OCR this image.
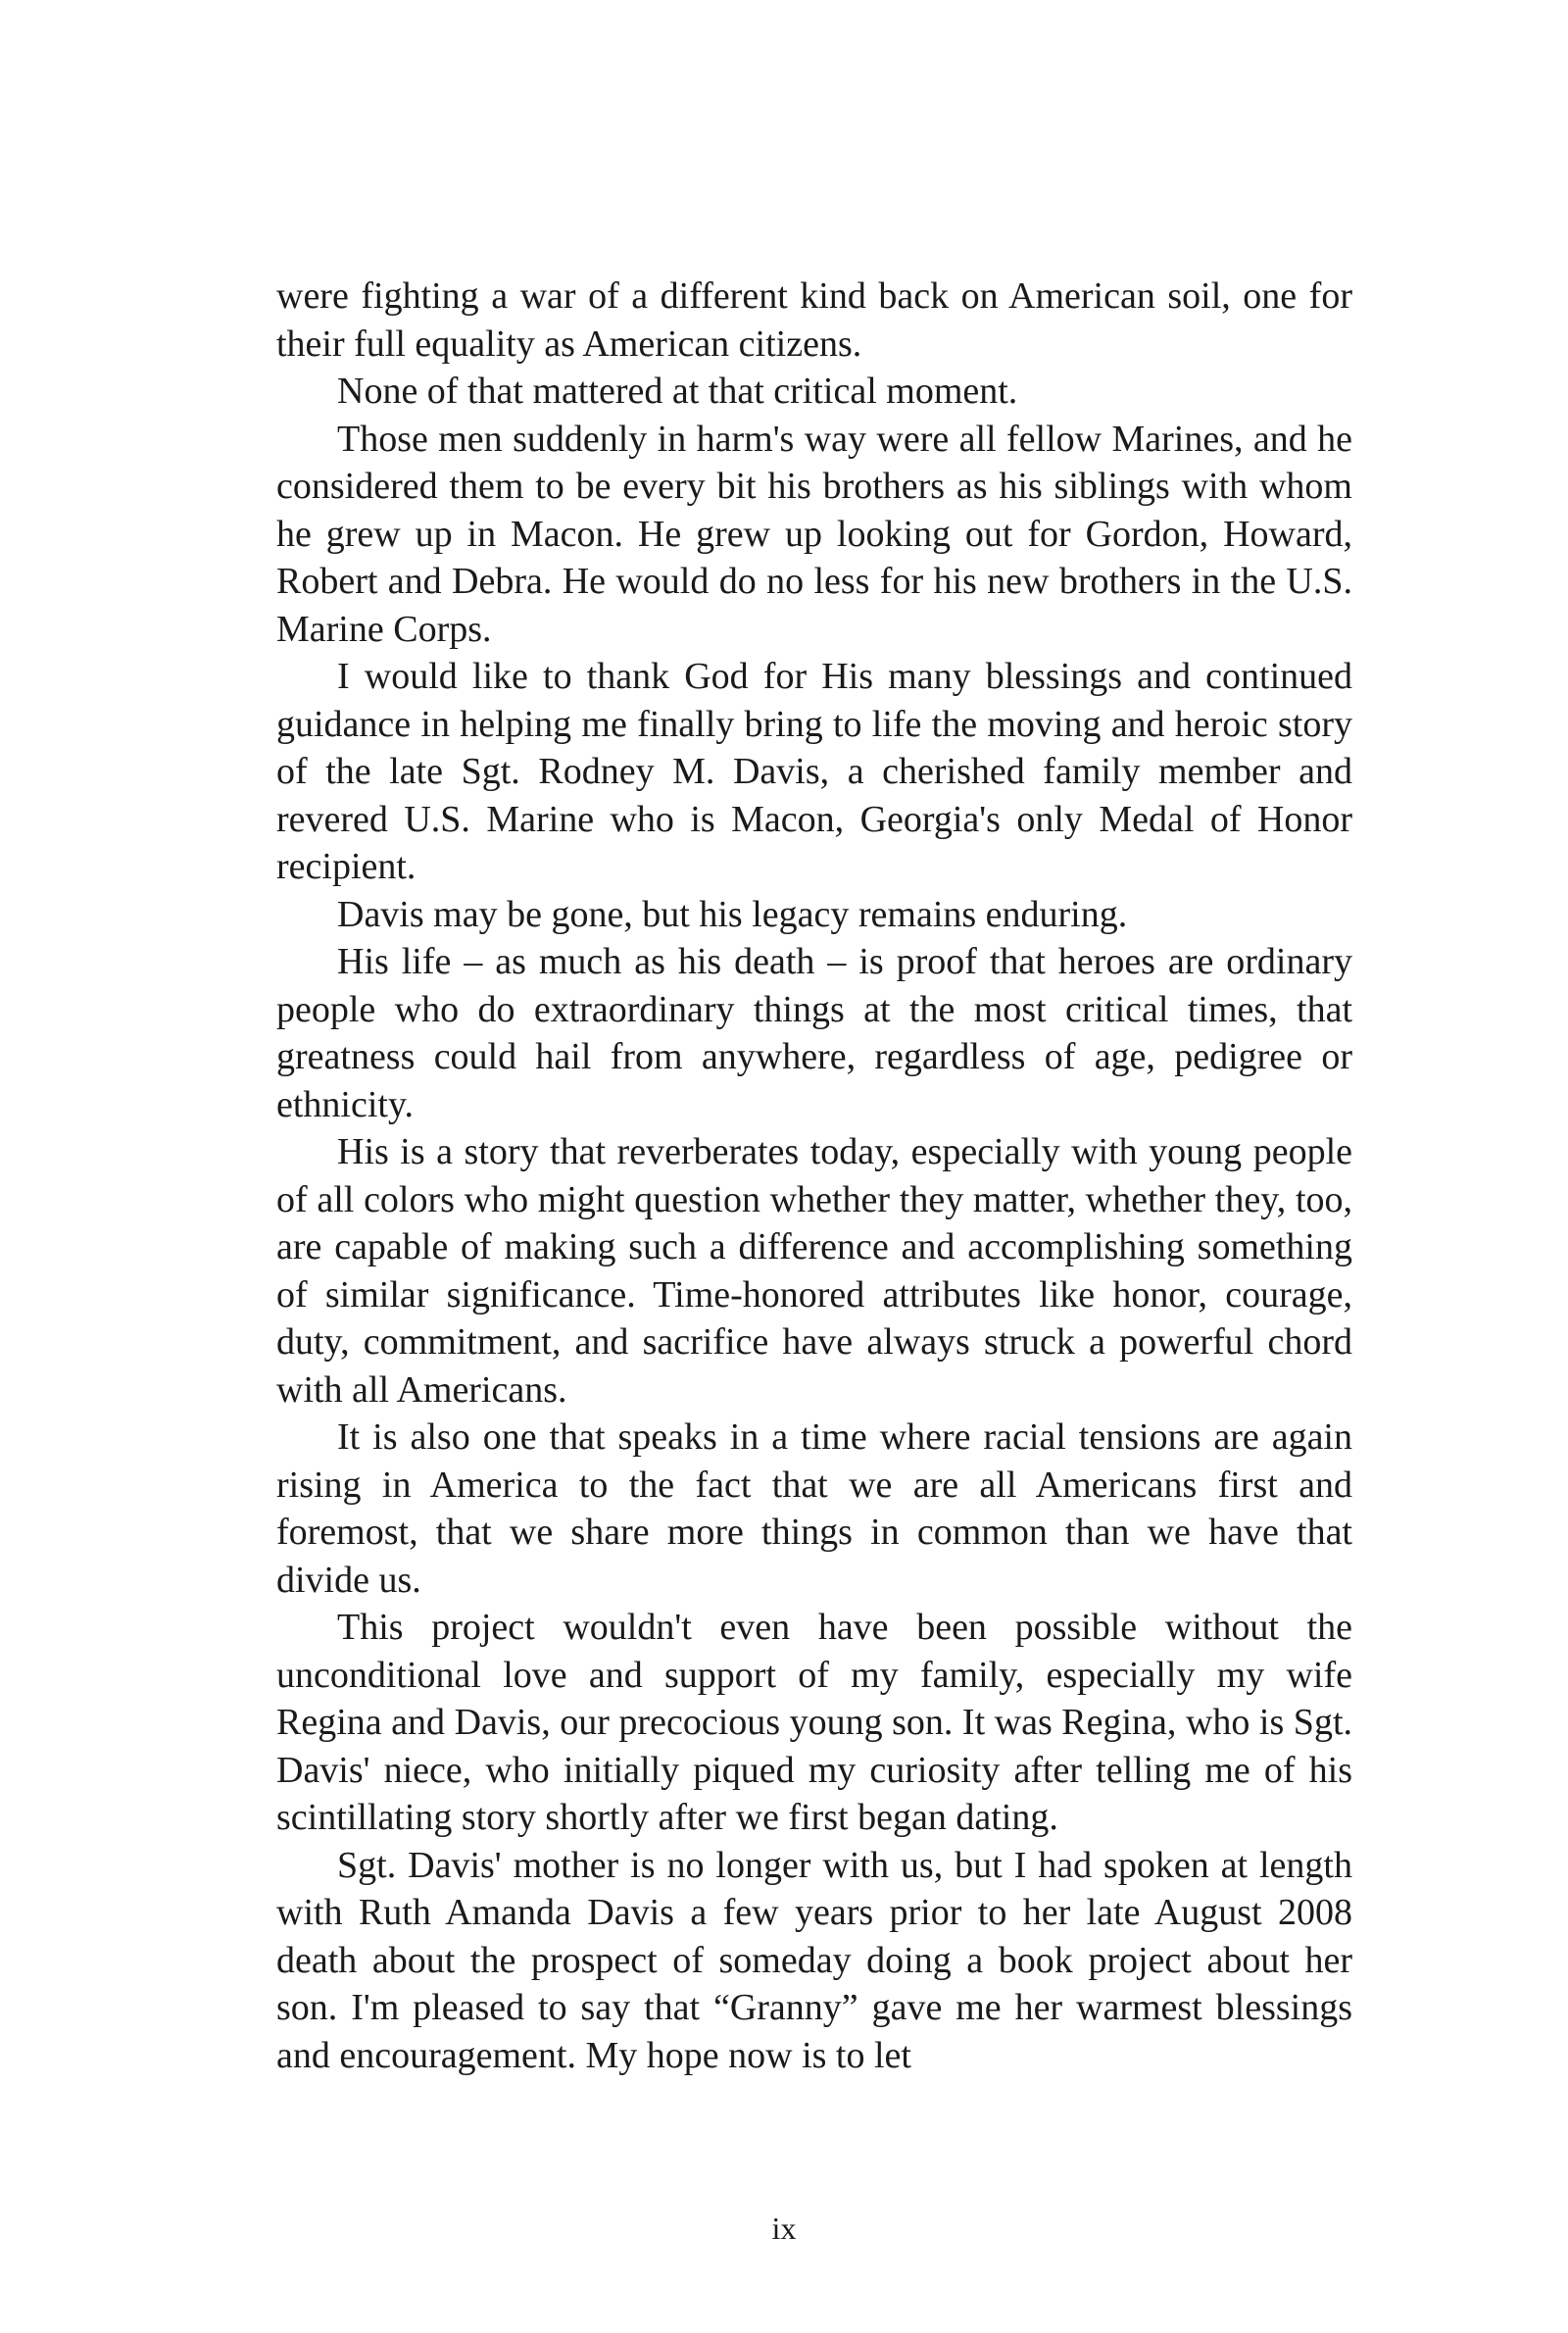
were fighting a war of a different kind back on American soil, one for their full equality as American citizens.

None of that mattered at that critical moment.

Those men suddenly in harm's way were all fellow Marines, and he considered them to be every bit his brothers as his siblings with whom he grew up in Macon. He grew up looking out for Gordon, Howard, Robert and Debra. He would do no less for his new brothers in the U.S. Marine Corps.

I would like to thank God for His many blessings and continued guidance in helping me finally bring to life the moving and heroic story of the late Sgt. Rodney M. Davis, a cherished family member and revered U.S. Marine who is Macon, Georgia's only Medal of Honor recipient.

Davis may be gone, but his legacy remains enduring.

His life – as much as his death – is proof that heroes are ordinary people who do extraordinary things at the most critical times, that greatness could hail from anywhere, regardless of age, pedigree or ethnicity.

His is a story that reverberates today, especially with young people of all colors who might question whether they matter, whether they, too, are capable of making such a difference and accomplishing something of similar significance. Time-honored attributes like honor, courage, duty, commitment, and sacrifice have always struck a powerful chord with all Americans.

It is also one that speaks in a time where racial tensions are again rising in America to the fact that we are all Americans first and foremost, that we share more things in common than we have that divide us.

This project wouldn't even have been possible without the unconditional love and support of my family, especially my wife Regina and Davis, our precocious young son. It was Regina, who is Sgt. Davis' niece, who initially piqued my curiosity after telling me of his scintillating story shortly after we first began dating.

Sgt. Davis' mother is no longer with us, but I had spoken at length with Ruth Amanda Davis a few years prior to her late August 2008 death about the prospect of someday doing a book project about her son. I'm pleased to say that “Granny” gave me her warmest blessings and encouragement. My hope now is to let

ix
